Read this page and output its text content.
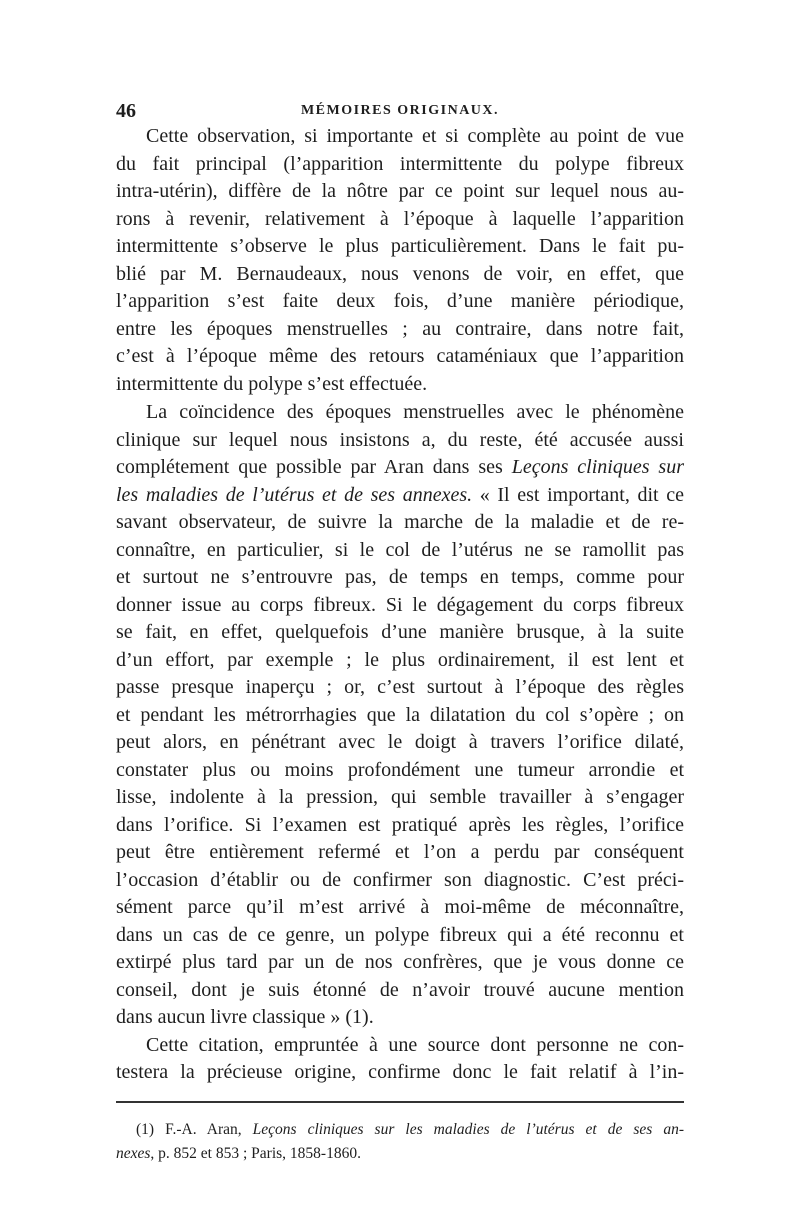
46	MÉMOIRES ORIGINAUX.
Cette observation, si importante et si complète au point de vue
du fait principal (l’apparition intermittente du polype fibreux
intra-utérin), diffère de la nôtre par ce point sur lequel nous au-
rons à revenir, relativement à l’époque à laquelle l’apparition
intermittente s’observe le plus particulièrement. Dans le fait pu-
blié par M. Bernaudeaux, nous venons de voir, en effet, que
l’apparition s’est faite deux fois, d’une manière périodique,
entre les époques menstruelles ; au contraire, dans notre fait,
c’est à l’époque même des retours cataméniaux que l’apparition
intermittente du polype s’est effectuée.
La coïncidence des époques menstruelles avec le phénomène
clinique sur lequel nous insistons a, du reste, été accusée aussi
complétement que possible par Aran dans ses Leçons cliniques sur
les maladies de l’utérus et de ses annexes. « Il est important, dit ce
savant observateur, de suivre la marche de la maladie et de re-
connaître, en particulier, si le col de l’utérus ne se ramollit pas
et surtout ne s’entrouvre pas, de temps en temps, comme pour
donner issue au corps fibreux. Si le dégagement du corps fibreux
se fait, en effet, quelquefois d’une manière brusque, à la suite
d’un effort, par exemple ; le plus ordinairement, il est lent et
passe presque inaperçu ; or, c’est surtout à l’époque des règles
et pendant les métrorrhagies que la dilatation du col s’opère ; on
peut alors, en pénétrant avec le doigt à travers l’orifice dilaté,
constater plus ou moins profondément une tumeur arrondie et
lisse, indolente à la pression, qui semble travailler à s’engager
dans l’orifice. Si l’examen est pratiqué après les règles, l’orifice
peut être entièrement refermé et l’on a perdu par conséquent
l’occasion d’établir ou de confirmer son diagnostic. C’est préci-
sément parce qu’il m’est arrivé à moi-même de méconnaître,
dans un cas de ce genre, un polype fibreux qui a été reconnu et
extirpé plus tard par un de nos confrères, que je vous donne ce
conseil, dont je suis étonné de n’avoir trouvé aucune mention
dans aucun livre classique » (1).
Cette citation, empruntée à une source dont personne ne con-
testera la précieuse origine, confirme donc le fait relatif à l’in-
(1) F.-A. Aran, Leçons cliniques sur les maladies de l’utérus et de ses an-
nexes, p. 852 et 853 ; Paris, 1858-1860.
